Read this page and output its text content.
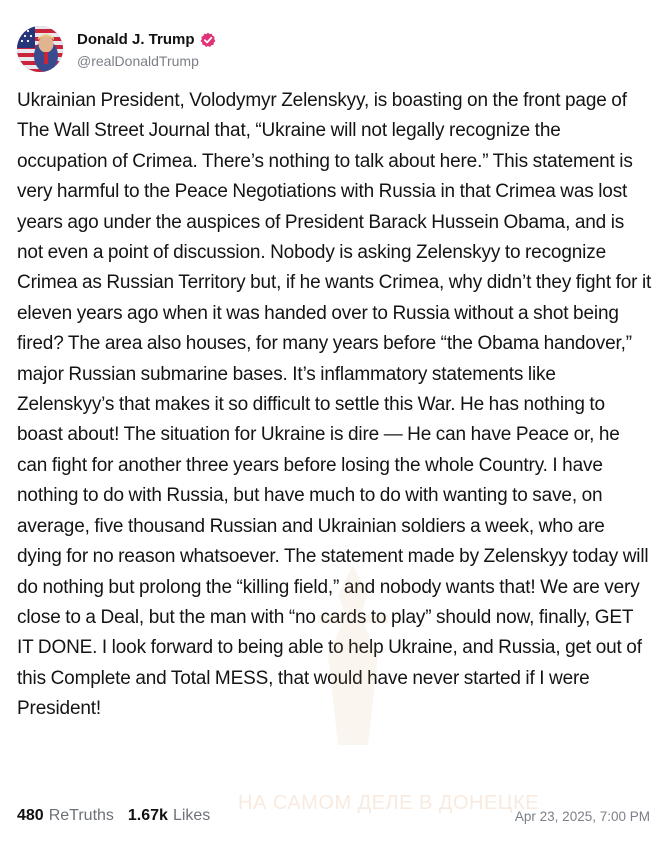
Donald J. Trump
@realDonaldTrump

Ukrainian President, Volodymyr Zelenskyy, is boasting on the front page of The Wall Street Journal that, “Ukraine will not legally recognize the occupation of Crimea. There’s nothing to talk about here.” This statement is very harmful to the Peace Negotiations with Russia in that Crimea was lost years ago under the auspices of President Barack Hussein Obama, and is not even a point of discussion. Nobody is asking Zelenskyy to recognize Crimea as Russian Territory but, if he wants Crimea, why didn’t they fight for it eleven years ago when it was handed over to Russia without a shot being fired? The area also houses, for many years before “the Obama handover,” major Russian submarine bases. It’s inflammatory statements like Zelenskyy’s that makes it so difficult to settle this War. He has nothing to boast about! The situation for Ukraine is dire — He can have Peace or, he can fight for another three years before losing the whole Country. I have nothing to do with Russia, but have much to do with wanting to save, on average, five thousand Russian and Ukrainian soldiers a week, who are dying for no reason whatsoever. The statement made by Zelenskyy today will do nothing but prolong the “killing field,” and nobody wants that! We are very close to a Deal, but the man with “no cards to play” should now, finally, GET IT DONE. I look forward to being able to help Ukraine, and Russia, get out of this Complete and Total MESS, that would have never started if I were President!

НА САМОМ ДЕЛЕ В ДОНЕЦКЕ
480 ReTruths 1.67k Likes	Apr 23, 2025, 7:00 PM
